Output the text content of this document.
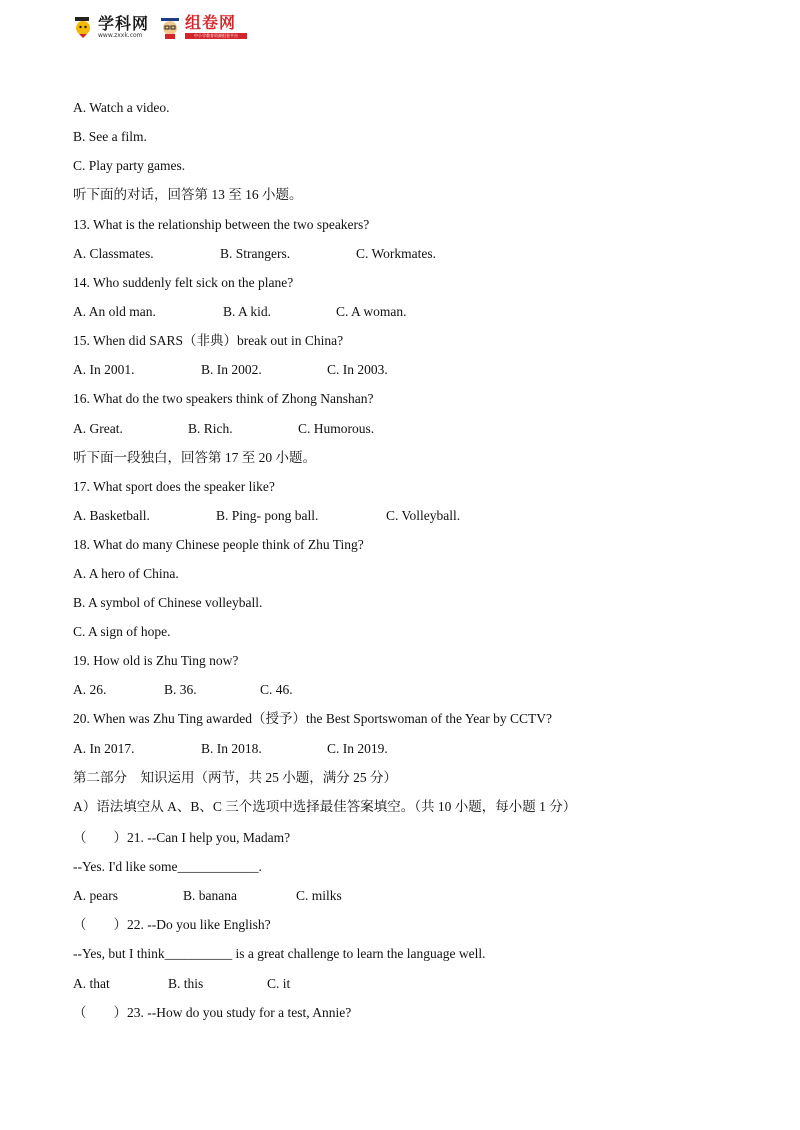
学科网
www.zxxk.com
组卷网
中小学教育资源组卷平台
A. Watch a video.
B. See a film.
C. Play party games.
听下面的对话，回答第 13 至 16 小题。
13. What is the relationship between the two speakers?

A. Classmates.

	B. Strangers.

	C. Workmates.

14. Who suddenly felt sick on the plane?

A. An old man.

	B. A kid.

	C. A woman.

15. When did SARS（非典）break out in China?

A. In 2001.

	B. In 2002.

	C. In 2003.

16. What do the two speakers think of Zhong Nanshan?

A. Great.

	B. Rich.

	C. Humorous.

听下面一段独白，回答第 17 至 20 小题。
17. What sport does the speaker like?

A. Basketball.

	B. Ping- pong ball.

	C. Volleyball.

18. What do many Chinese people think of Zhu Ting?
A. A hero of China.
B. A symbol of Chinese volleyball.
C. A sign of hope.
19. How old is Zhu Ting now?

A. 26.

	B. 36.

	C. 46.

20. When was Zhu Ting awarded（授予）the Best Sportswoman of the Year by CCTV?

A. In 2017.

	B. In 2018.

	C. In 2019.

第二部分　知识运用（两节，共 25 小题，满分 25 分）
A）语法填空从 A、B、C 三个选项中选择最佳答案填空。（共 10 小题，每小题 1 分）
（　　）21. --Can I help you, Madam?
--Yes. I'd like some____________.

A. pears

	B. banana

	C. milks

（　　）22. --Do you like English?
--Yes, but I think__________ is a great challenge to learn the language well.

A. that

	B. this

	C. it

（　　）23. --How do you study for a test, Annie?
